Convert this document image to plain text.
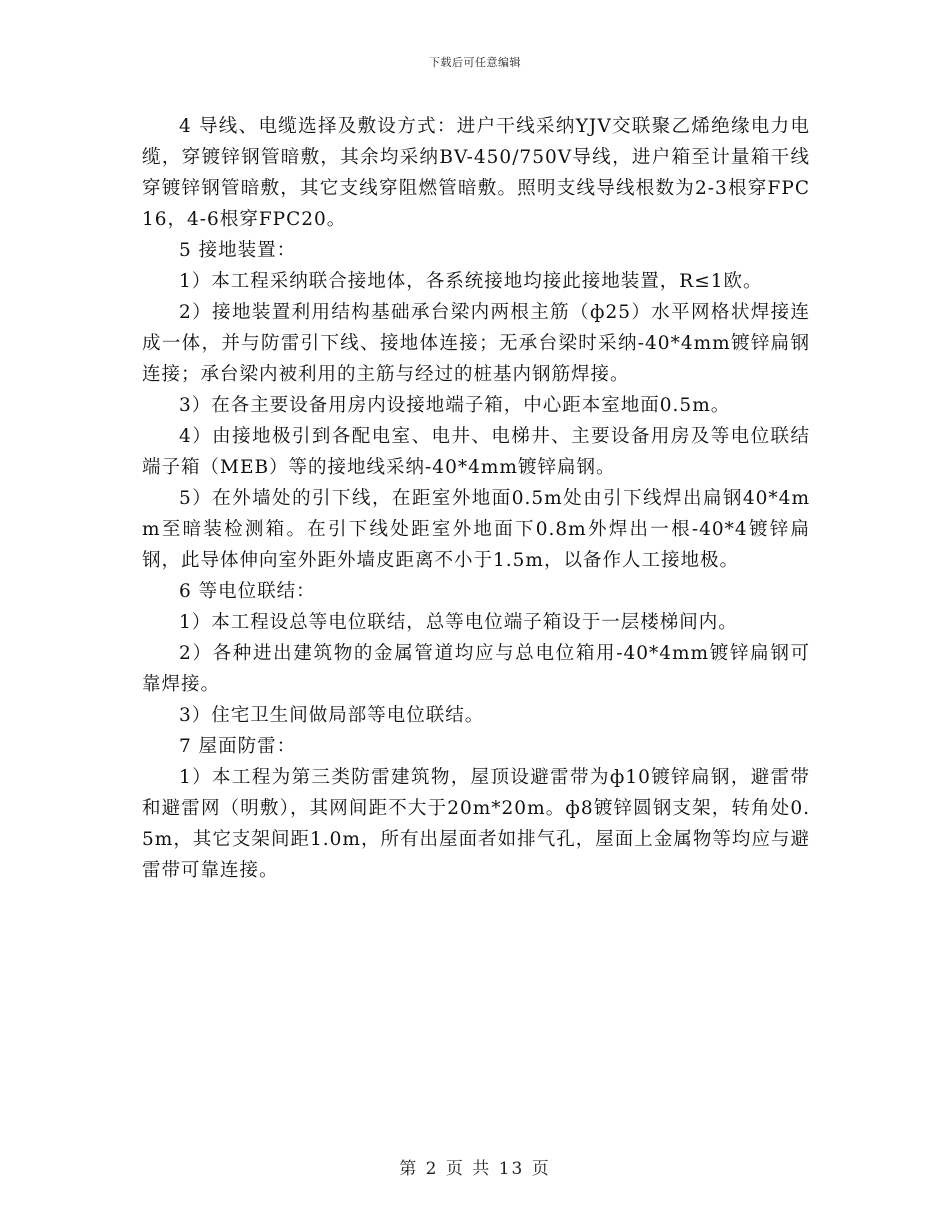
下载后可任意编辑

4 导线、电缆选择及敷设方式：进户干线采纳YJV交联聚乙烯绝缘电力电缆，穿镀锌钢管暗敷，其余均采纳BV-450/750V导线，进户箱至计量箱干线穿镀锌钢管暗敷，其它支线穿阻燃管暗敷。照明支线导线根数为2-3根穿FPC16，4-6根穿FPC20。

5 接地装置：

1）本工程采纳联合接地体，各系统接地均接此接地装置，R≤1欧。

2）接地装置利用结构基础承台梁内两根主筋（ф25）水平网格状焊接连成一体，并与防雷引下线、接地体连接；无承台梁时采纳-40*4mm镀锌扁钢连接；承台梁内被利用的主筋与经过的桩基内钢筋焊接。

3）在各主要设备用房内设接地端子箱，中心距本室地面0.5m。

4）由接地极引到各配电室、电井、电梯井、主要设备用房及等电位联结端子箱（MEB）等的接地线采纳-40*4mm镀锌扁钢。

5）在外墙处的引下线，在距室外地面0.5m处由引下线焊出扁钢40*4mm至暗装检测箱。在引下线处距室外地面下0.8m外焊出一根-40*4镀锌扁钢，此导体伸向室外距外墙皮距离不小于1.5m，以备作人工接地极。

6 等电位联结：

1）本工程设总等电位联结，总等电位端子箱设于一层楼梯间内。

2）各种进出建筑物的金属管道均应与总电位箱用-40*4mm镀锌扁钢可靠焊接。

3）住宅卫生间做局部等电位联结。

7 屋面防雷：

1）本工程为第三类防雷建筑物，屋顶设避雷带为ф10镀锌扁钢，避雷带和避雷网（明敷），其网间距不大于20m*20m。ф8镀锌圆钢支架，转角处0.5m，其它支架间距1.0m，所有出屋面者如排气孔，屋面上金属物等均应与避雷带可靠连接。

第 2 页 共 13 页
